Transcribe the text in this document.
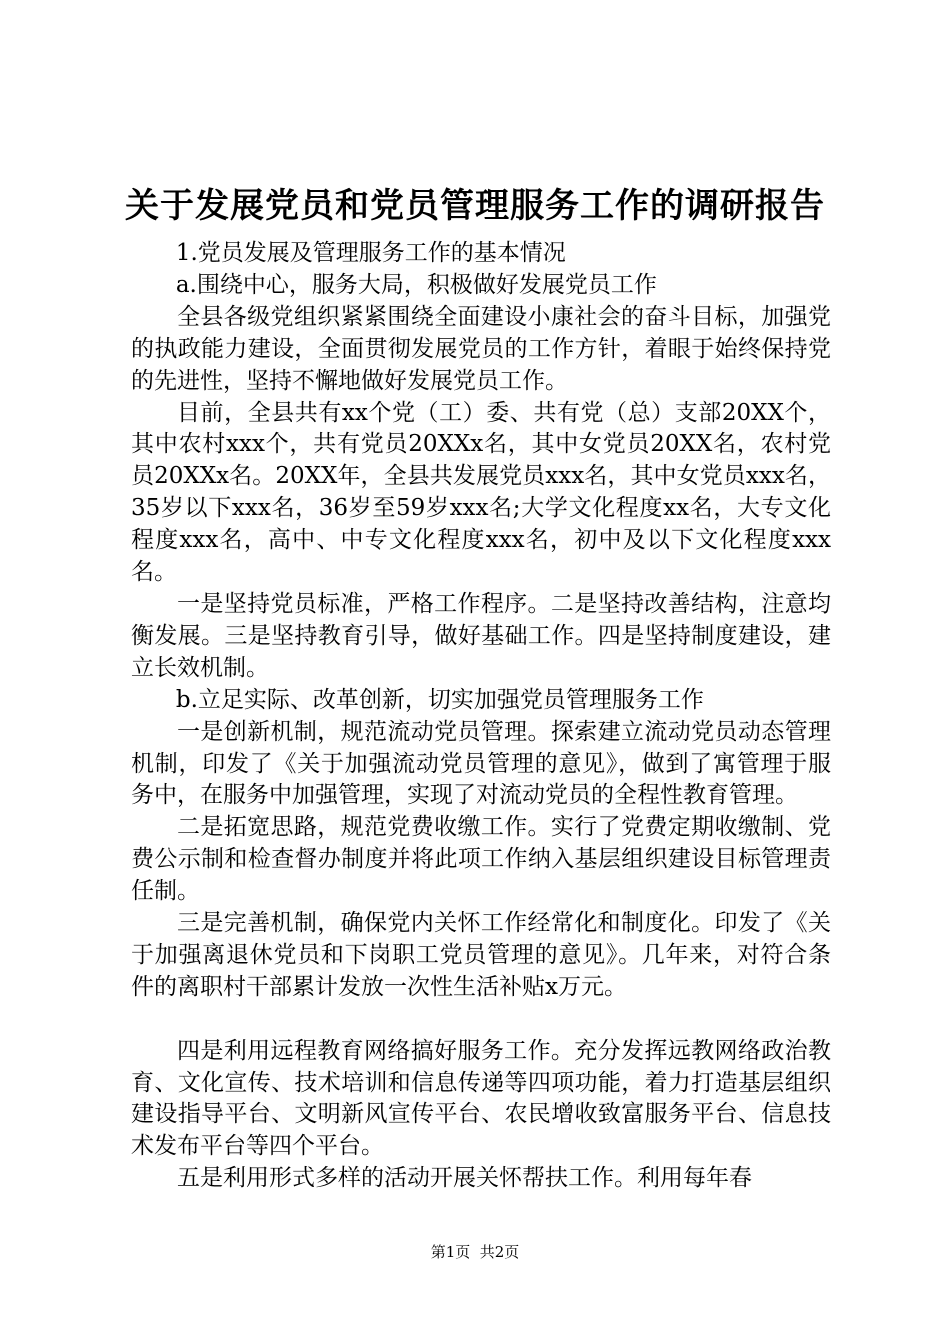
关于发展党员和党员管理服务工作的调研报告

1.党员发展及管理服务工作的基本情况

a.围绕中心，服务大局，积极做好发展党员工作

全县各级党组织紧紧围绕全面建设小康社会的奋斗目标，加强党的执政能力建设，全面贯彻发展党员的工作方针，着眼于始终保持党的先进性，坚持不懈地做好发展党员工作。

目前，全县共有xx个党（工）委、共有党（总）支部20XX个，其中农村xxx个，共有党员20XXx名，其中女党员20XX名，农村党员20XXx名。20XX年，全县共发展党员xxx名，其中女党员xxx名，35岁以下xxx名，36岁至59岁xxx名;大学文化程度xx名，大专文化程度xxx名，高中、中专文化程度xxx名，初中及以下文化程度xxx名。

一是坚持党员标准，严格工作程序。二是坚持改善结构，注意均衡发展。三是坚持教育引导，做好基础工作。四是坚持制度建设，建立长效机制。

b.立足实际、改革创新，切实加强党员管理服务工作

一是创新机制，规范流动党员管理。探索建立流动党员动态管理机制，印发了《关于加强流动党员管理的意见》，做到了寓管理于服务中，在服务中加强管理，实现了对流动党员的全程性教育管理。

二是拓宽思路，规范党费收缴工作。实行了党费定期收缴制、党费公示制和检查督办制度并将此项工作纳入基层组织建设目标管理责任制。

三是完善机制，确保党内关怀工作经常化和制度化。印发了《关于加强离退休党员和下岗职工党员管理的意见》。几年来，对符合条件的离职村干部累计发放一次性生活补贴x万元。

四是利用远程教育网络搞好服务工作。充分发挥远教网络政治教育、文化宣传、技术培训和信息传递等四项功能，着力打造基层组织建设指导平台、文明新风宣传平台、农民增收致富服务平台、信息技术发布平台等四个平台。

五是利用形式多样的活动开展关怀帮扶工作。利用每年春

第1页  共2页
